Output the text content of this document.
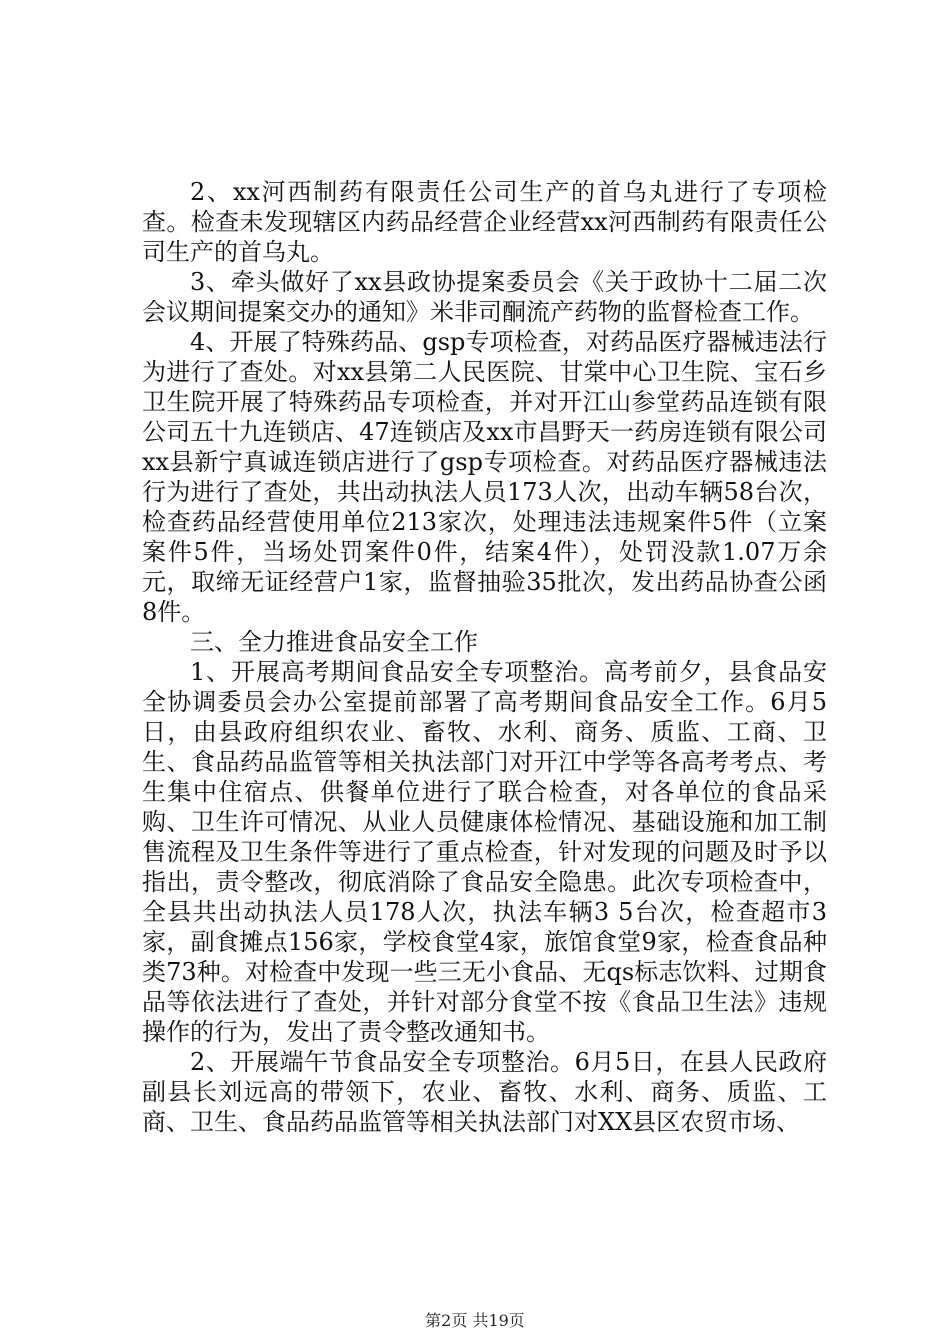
2、xx河西制药有限责任公司生产的首乌丸进行了专项检查。检查未发现辖区内药品经营企业经营xx河西制药有限责任公司生产的首乌丸。

3、牵头做好了xx县政协提案委员会《关于政协十二届二次会议期间提案交办的通知》米非司酮流产药物的监督检查工作。

4、开展了特殊药品、gsp专项检查，对药品医疗器械违法行为进行了查处。对xx县第二人民医院、甘棠中心卫生院、宝石乡卫生院开展了特殊药品专项检查，并对开江山参堂药品连锁有限公司五十九连锁店、47连锁店及xx市昌野天一药房连锁有限公司xx县新宁真诚连锁店进行了gsp专项检查。对药品医疗器械违法行为进行了查处，共出动执法人员173人次，出动车辆58台次，检查药品经营使用单位213家次，处理违法违规案件5件（立案案件5件，当场处罚案件0件，结案4件），处罚没款1.07万余元，取缔无证经营户1家，监督抽验35批次，发出药品协查公函8件。

三、全力推进食品安全工作

1、开展高考期间食品安全专项整治。高考前夕，县食品安全协调委员会办公室提前部署了高考期间食品安全工作。6月5日，由县政府组织农业、畜牧、水利、商务、质监、工商、卫生、食品药品监管等相关执法部门对开江中学等各高考考点、考生集中住宿点、供餐单位进行了联合检查，对各单位的食品采购、卫生许可情况、从业人员健康体检情况、基础设施和加工制售流程及卫生条件等进行了重点检查，针对发现的问题及时予以指出，责令整改，彻底消除了食品安全隐患。此次专项检查中，全县共出动执法人员178人次，执法车辆3 5台次，检查超市3家，副食摊点156家，学校食堂4家，旅馆食堂9家，检查食品种类73种。对检查中发现一些三无小食品、无qs标志饮料、过期食品等依法进行了查处，并针对部分食堂不按《食品卫生法》违规操作的行为，发出了责令整改通知书。

2、开展端午节食品安全专项整治。6月5日，在县人民政府副县长刘远高的带领下，农业、畜牧、水利、商务、质监、工商、卫生、食品药品监管等相关执法部门对XX县区农贸市场、

第2页 共19页
